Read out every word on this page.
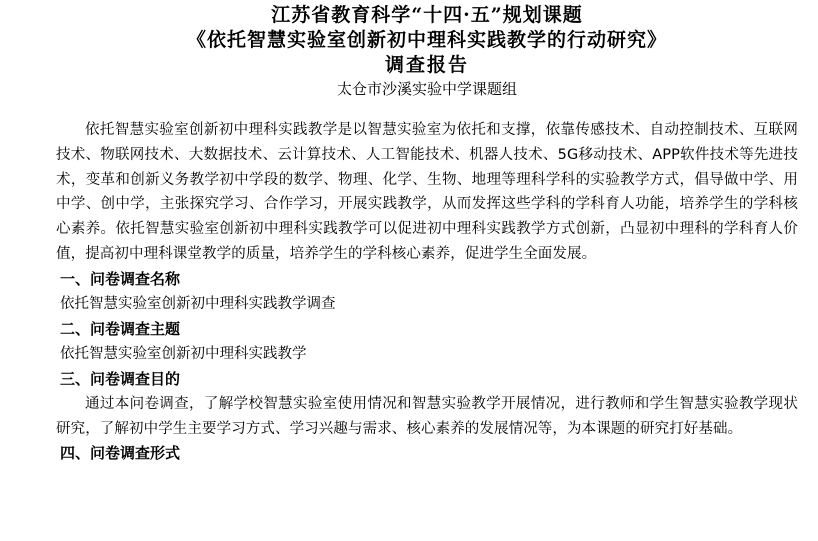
江苏省教育科学“十四·五”规划课题
《依托智慧实验室创新初中理科实践教学的行动研究》
调查报告
太仓市沙溪实验中学课题组

依托智慧实验室创新初中理科实践教学是以智慧实验室为依托和支撑，依靠传感技术、自动控制技术、互联网技术、物联网技术、大数据技术、云计算技术、人工智能技术、机器人技术、5G移动技术、APP软件技术等先进技术，变革和创新义务教学初中学段的数学、物理、化学、生物、地理等理科学科的实验教学方式，倡导做中学、用中学、创中学，主张探究学习、合作学习，开展实践教学，从而发挥这些学科的学科育人功能，培养学生的学科核心素养。依托智慧实验室创新初中理科实践教学可以促进初中理科实践教学方式创新，凸显初中理科的学科育人价值，提高初中理科课堂教学的质量，培养学生的学科核心素养，促进学生全面发展。

一、问卷调查名称
依托智慧实验室创新初中理科实践教学调查
二、问卷调查主题
依托智慧实验室创新初中理科实践教学
三、问卷调查目的

通过本问卷调查，了解学校智慧实验室使用情况和智慧实验教学开展情况，进行教师和学生智慧实验教学现状研究，了解初中学生主要学习方式、学习兴趣与需求、核心素养的发展情况等，为本课题的研究打好基础。

四、问卷调查形式
